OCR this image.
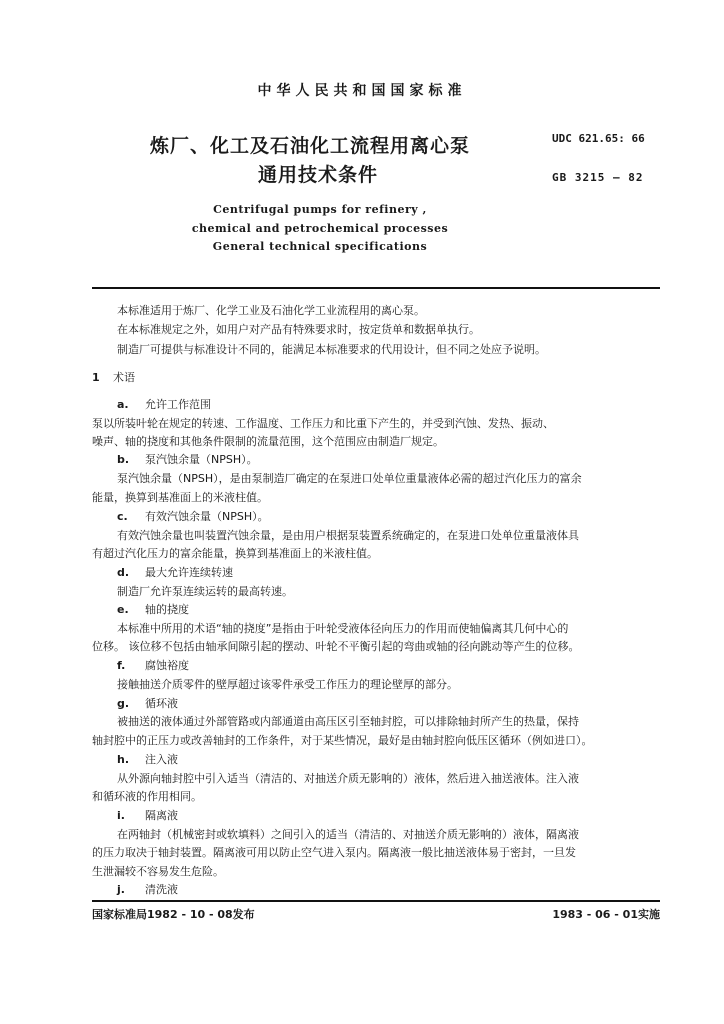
中华人民共和国国家标准
炼厂、化工及石油化工流程用离心泵
通用技术条件
UDC 621.65: 66
GB 3215 — 82
Centrifugal pumps for refinery ,
chemical and petrochemical processes
General technical specifications
本标准适用于炼厂、化学工业及石油化学工业流程用的离心泵。
在本标准规定之外，如用户对产品有特殊要求时，按定货单和数据单执行。
制造厂可提供与标准设计不同的，能满足本标准要求的代用设计，但不同之处应予说明。
1 术语
a. 允许工作范围
泵以所装叶轮在规定的转速、工作温度、工作压力和比重下产生的，并受到汽蚀、发热、振动、
噪声、轴的挠度和其他条件限制的流量范围，这个范围应由制造厂规定。
b. 泵汽蚀余量（NPSH）。
泵汽蚀余量（NPSH），是由泵制造厂确定的在泵进口处单位重量液体必需的超过汽化压力的富余
能量，换算到基准面上的米液柱值。
c. 有效汽蚀余量（NPSH）。
有效汽蚀余量也叫装置汽蚀余量，是由用户根据泵装置系统确定的，在泵进口处单位重量液体具
有超过汽化压力的富余能量，换算到基准面上的米液柱值。
d. 最大允许连续转速
制造厂允许泵连续运转的最高转速。
e. 轴的挠度
本标准中所用的术语“轴的挠度”是指由于叶轮受液体径向压力的作用而使轴偏离其几何中心的
位移。 该位移不包括由轴承间隙引起的摆动、叶轮不平衡引起的弯曲或轴的径向跳动等产生的位移。
f. 腐蚀裕度
接触抽送介质零件的壁厚超过该零件承受工作压力的理论壁厚的部分。
g. 循环液
被抽送的液体通过外部管路或内部通道由高压区引至轴封腔，可以排除轴封所产生的热量，保持
轴封腔中的正压力或改善轴封的工作条件，对于某些情况，最好是由轴封腔向低压区循环（例如进口）。
h. 注入液
从外源向轴封腔中引入适当（清洁的、对抽送介质无影响的）液体，然后进入抽送液体。注入液
和循环液的作用相同。
i. 隔离液
在两轴封（机械密封或软填料）之间引入的适当（清洁的、对抽送介质无影响的）液体，隔离液
的压力取决于轴封装置。隔离液可用以防止空气进入泵内。隔离液一般比抽送液体易于密封，一旦发
生泄漏较不容易发生危险。
j. 清洗液
国家标准局1982 - 10 - 08发布	1983 - 06 - 01实施
